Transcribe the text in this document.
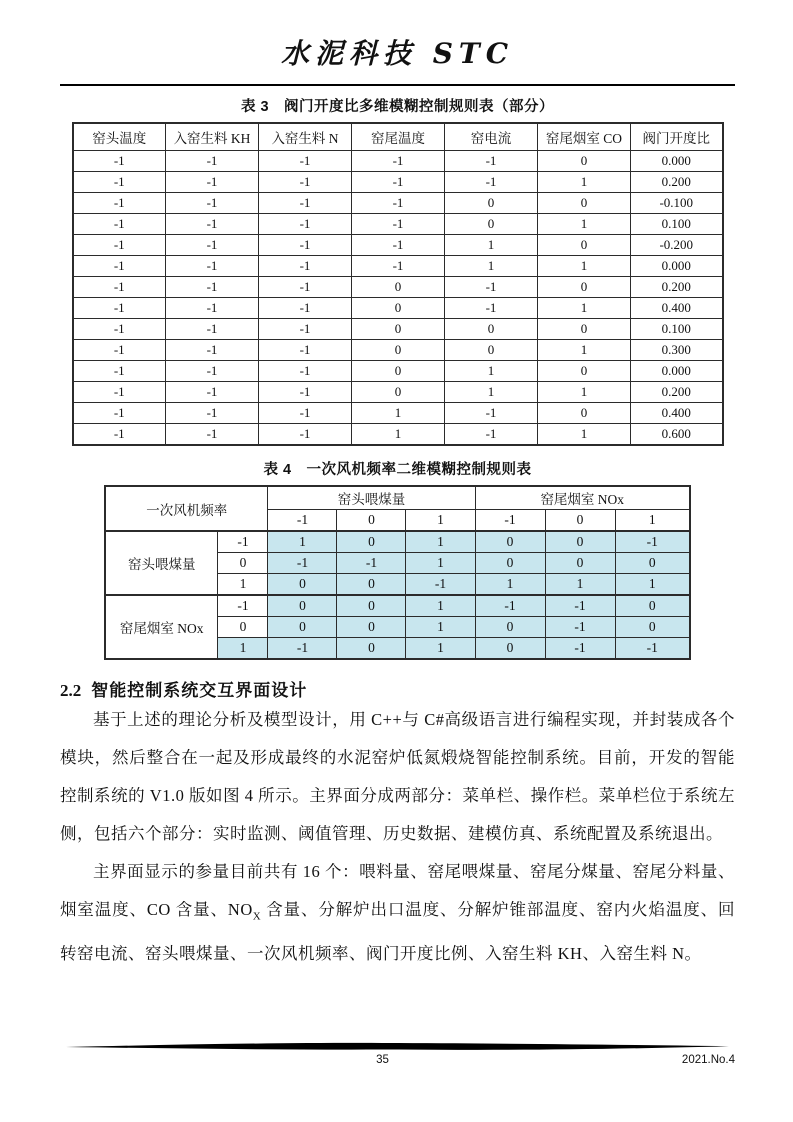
水泥科技 STC
表 3　阀门开度比多维模糊控制规则表（部分）
窑头温度	入窑生料 KH	入窑生料 N	窑尾温度	窑电流	窑尾烟室 CO	阀门开度比
-1	-1	-1	-1	-1	0	0.000
-1	-1	-1	-1	-1	1	0.200
-1	-1	-1	-1	0	0	-0.100
-1	-1	-1	-1	0	1	0.100
-1	-1	-1	-1	1	0	-0.200
-1	-1	-1	-1	1	1	0.000
-1	-1	-1	0	-1	0	0.200
-1	-1	-1	0	-1	1	0.400
-1	-1	-1	0	0	0	0.100
-1	-1	-1	0	0	1	0.300
-1	-1	-1	0	1	0	0.000
-1	-1	-1	0	1	1	0.200
-1	-1	-1	1	-1	0	0.400
-1	-1	-1	1	-1	1	0.600
表 4　一次风机频率二维模糊控制规则表
一次风机频率		窑头喂煤量			窑尾烟室 NOx		
		-1	0	1	-1	0	1
窑头喂煤量	-1	1	0	1	0	0	-1
	0	-1	-1	1	0	0	0
	1	0	0	-1	1	1	1
窑尾烟室 NOx	-1	0	0	1	-1	-1	0
	0	0	0	1	0	-1	0
	1	-1	0	1	0	-1	-1
2.2 智能控制系统交互界面设计

基于上述的理论分析及模型设计，用 C++与 C#高级语言进行编程实现，并封装成各个模块，然后整合在一起及形成最终的水泥窑炉低氮煅烧智能控制系统。目前，开发的智能控制系统的 V1.0 版如图 4 所示。主界面分成两部分：菜单栏、操作栏。菜单栏位于系统左侧，包括六个部分：实时监测、阈值管理、历史数据、建模仿真、系统配置及系统退出。

主界面显示的参量目前共有 16 个：喂料量、窑尾喂煤量、窑尾分煤量、窑尾分料量、烟室温度、CO 含量、$NO_X$ 含量、分解炉出口温度、分解炉锥部温度、窑内火焰温度、回转窑电流、窑头喂煤量、一次风机频率、阀门开度比例、入窑生料 KH、入窑生料 N。

35	2021.No.4
